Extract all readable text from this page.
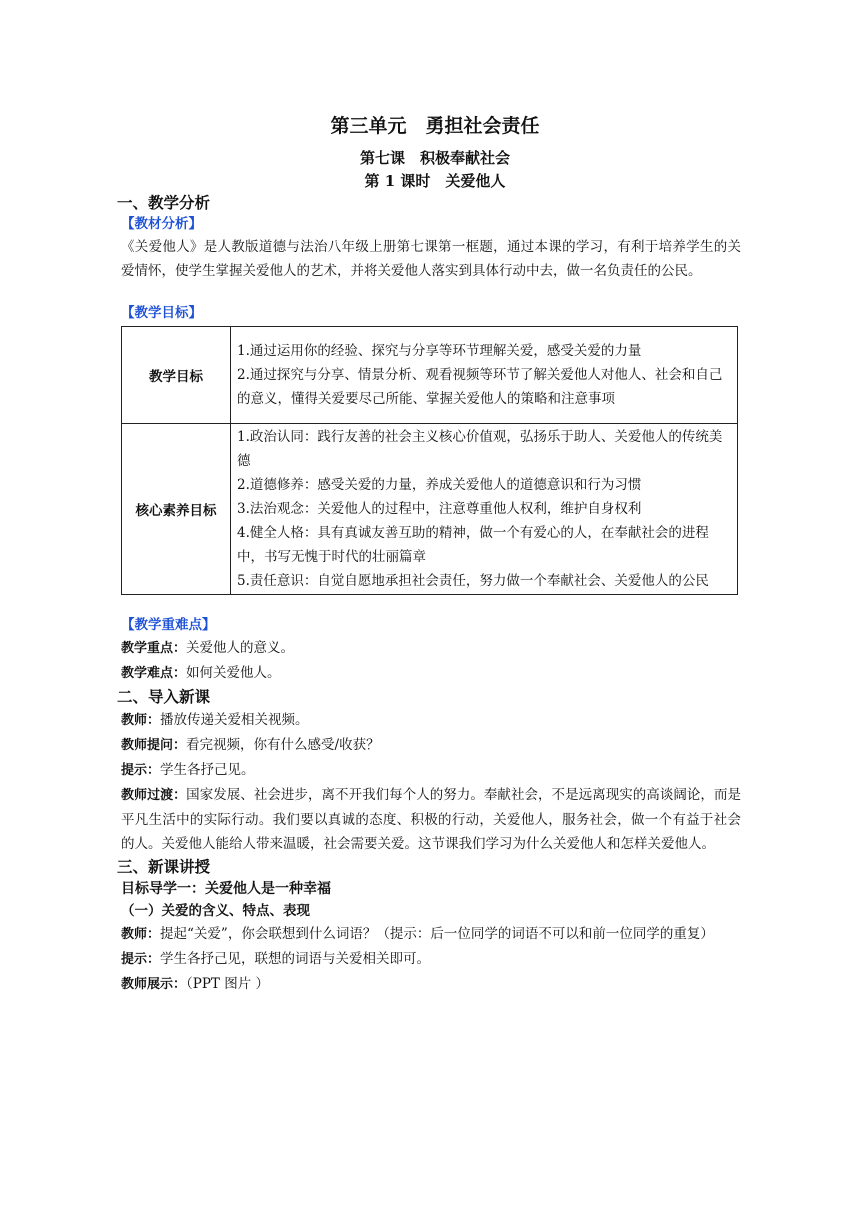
第三单元　勇担社会责任
第七课　积极奉献社会
第 1 课时　关爱他人
一、教学分析
【教材分析】
《关爱他人》是人教版道德与法治八年级上册第七课第一框题，通过本课的学习，有利于培养学生的关爱情怀，使学生掌握关爱他人的艺术，并将关爱他人落实到具体行动中去，做一名负责任的公民。
【教学目标】
教学目标	1.通过运用你的经验、探究与分享等环节理解关爱，感受关爱的力量
2.通过探究与分享、情景分析、观看视频等环节了解关爱他人对他人、社会和自己的意义，懂得关爱要尽己所能、掌握关爱他人的策略和注意事项

核心素养目标	1.政治认同：践行友善的社会主义核心价值观，弘扬乐于助人、关爱他人的传统美德
2.道德修养：感受关爱的力量，养成关爱他人的道德意识和行为习惯
3.法治观念：关爱他人的过程中，注意尊重他人权利，维护自身权利
4.健全人格：具有真诚友善互助的精神，做一个有爱心的人，在奉献社会的进程中，书写无愧于时代的壮丽篇章
5.责任意识：自觉自愿地承担社会责任，努力做一个奉献社会、关爱他人的公民
【教学重难点】
教学重点：关爱他人的意义。
教学难点：如何关爱他人。
二、导入新课
教师：播放传递关爱相关视频。
教师提问：看完视频，你有什么感受/收获？
提示：学生各抒己见。
教师过渡：国家发展、社会进步，离不开我们每个人的努力。奉献社会，不是远离现实的高谈阔论，而是平凡生活中的实际行动。我们要以真诚的态度、积极的行动，关爱他人，服务社会，做一个有益于社会的人。关爱他人能给人带来温暖，社会需要关爱。这节课我们学习为什么关爱他人和怎样关爱他人。
三、新课讲授
目标导学一：关爱他人是一种幸福
（一）关爱的含义、特点、表现
教师：提起“关爱”，你会联想到什么词语？（提示：后一位同学的词语不可以和前一位同学的重复）
提示：学生各抒己见，联想的词语与关爱相关即可。
教师展示：（PPT 图片 ）
